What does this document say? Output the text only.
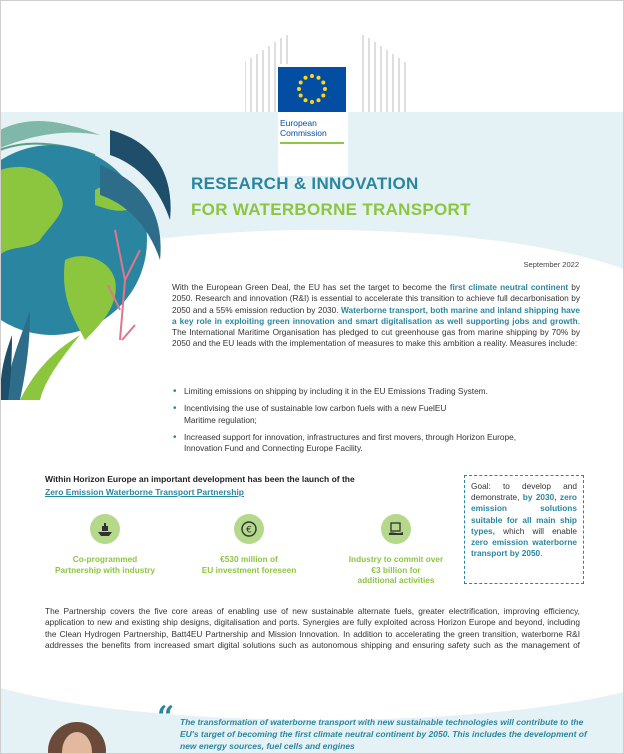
European
Commission
RESEARCH & INNOVATION
FOR WATERBORNE TRANSPORT
September 2022
With the European Green Deal, the EU has set the target to become the first climate neutral continent by 2050. Research and innovation (R&I) is essential to accelerate this transition to achieve full decarbonisation by 2050 and a 55% emission reduction by 2030. Waterborne transport, both marine and inland shipping have a key role in exploiting green innovation and smart digitalisation as well supporting jobs and growth. The International Maritime Organisation has pledged to cut greenhouse gas from marine shipping by 70% by 2050 and the EU leads with the implementation of measures to make this ambition a reality. Measures include:
• Limiting emissions on shipping by including it in the EU Emissions Trading System.
• Incentivising the use of sustainable low carbon fuels with a new FuelEU Maritime regulation;
• Increased support for innovation, infrastructures and first movers, through Horizon Europe, Innovation Fund and Connecting Europe Facility.
Within Horizon Europe an important development has been the launch of the
Zero Emission Waterborne Transport Partnership
Co-programmed
Partnership with industry
€
€530 million of
EU investment foreseen
Industry to commit over
€3 billion for
additional activities
Goal: to develop and demonstrate, by 2030, zero emission solutions suitable for all main ship types, which will enable zero emission waterborne transport by 2050.
The Partnership covers the five core areas of enabling use of new sustainable alternate fuels, greater electrification, improving efficiency, application to new and existing ship designs, digitalisation and ports. Synergies are fully exploited across Horizon Europe and beyond, including the Clean Hydrogen Partnership, Batt4EU Partnership and Mission Innovation. In addition to accelerating the green transition, waterborne R&I addresses the benefits from increased smart digital solutions such as autonomous shipping and ensuring safety such as the management of
“ The transformation of waterborne transport with new sustainable technologies will contribute to the EU's target of becoming the first climate neutral continent by 2050. This includes the development of new energy sources, fuel cells and engines
